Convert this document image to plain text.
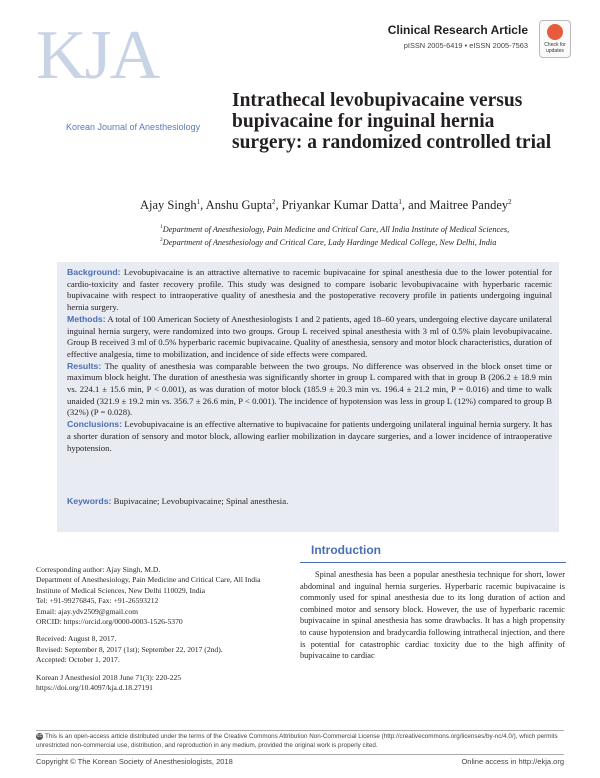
KJA
Korean Journal of Anesthesiology
Clinical Research Article
pISSN 2005-6419 • eISSN 2005-7563	Check for updates
Intrathecal levobupivacaine versus bupivacaine for inguinal hernia surgery: a randomized controlled trial
Ajay Singh$^1$, Anshu Gupta$^2$, Priyankar Kumar Datta$^1$, and Maitree Pandey$^2$
$^1$Department of Anesthesiology, Pain Medicine and Critical Care, All India Institute of Medical Sciences,
$^2$Department of Anesthesiology and Critical Care, Lady Hardinge Medical College, New Delhi, India

Background: Levobupivacaine is an attractive alternative to racemic bupivacaine for spinal anesthesia due to the lower potential for cardio-toxicity and faster recovery profile. This study was designed to compare isobaric levobupivacaine with hyperbaric racemic bupivacaine with respect to intraoperative quality of anesthesia and the postoperative recovery profile in patients undergoing inguinal hernia surgery.

Methods: A total of 100 American Society of Anesthesiologists 1 and 2 patients, aged 18–60 years, undergoing elective daycare unilateral inguinal hernia surgery, were randomized into two groups. Group L received spinal anesthesia with 3 ml of 0.5% plain levobupivacaine. Group B received 3 ml of 0.5% hyperbaric racemic bupivacaine. Quality of anesthesia, sensory and motor block characteristics, duration of effective analgesia, time to mobilization, and incidence of side effects were compared.

Results: The quality of anesthesia was comparable between the two groups. No difference was observed in the block onset time or maximum block height. The duration of anesthesia was significantly shorter in group L compared with that in group B (206.2 ± 18.9 min vs. 224.1 ± 15.6 min, P < 0.001), as was duration of motor block (185.9 ± 20.3 min vs. 196.4 ± 21.2 min, P = 0.016) and time to walk unaided (321.9 ± 19.2 min vs. 356.7 ± 26.6 min, P < 0.001). The incidence of hypotension was less in group L (12%) compared to group B (32%) (P = 0.028).

Conclusions: Levobupivacaine is an effective alternative to bupivacaine for patients undergoing unilateral inguinal hernia surgery. It has a shorter duration of sensory and motor block, allowing earlier mobilization in daycare surgeries, and a lower incidence of intraoperative hypotension.

Keywords: Bupivacaine; Levobupivacaine; Spinal anesthesia.

Corresponding author: Ajay Singh, M.D.

Department of Anesthesiology, Pain Medicine and Critical Care, All India Institute of Medical Sciences, New Delhi 110029, India

Tel: +91-99276845, Fax: +91-26593212

Email: ajay.ydv2509@gmail.com

ORCID: https://orcid.org/0000-0003-1526-5370

Received: August 8, 2017.

Revised: September 8, 2017 (1st); September 22, 2017 (2nd).

Accepted: October 1, 2017.

Korean J Anesthesiol 2018 June 71(3): 220-225

https://doi.org/10.4097/kja.d.18.27191

Introduction
Spinal anesthesia has been a popular anesthesia technique for short, lower abdominal and inguinal hernia surgeries. Hyperbaric racemic bupivacaine is commonly used for spinal anesthesia due to its long duration of action and combined motor and sensory block. However, the use of hyperbaric racemic bupivacaine in spinal anesthesia has some drawbacks. It has a high propensity to cause hypotension and bradycardia following intrathecal injection, and there is potential for catastrophic cardiac toxicity due to the high affinity of bupivacaine to cardiac
cc This is an open-access article distributed under the terms of the Creative Commons Attribution Non-Commercial License (http://creativecommons.org/licenses/by-nc/4.0/), which permits unrestricted non-commercial use, distribution, and reproduction in any medium, provided the original work is properly cited.
Copyright © The Korean Society of Anesthesiologists, 2018	Online access in http://ekja.org
